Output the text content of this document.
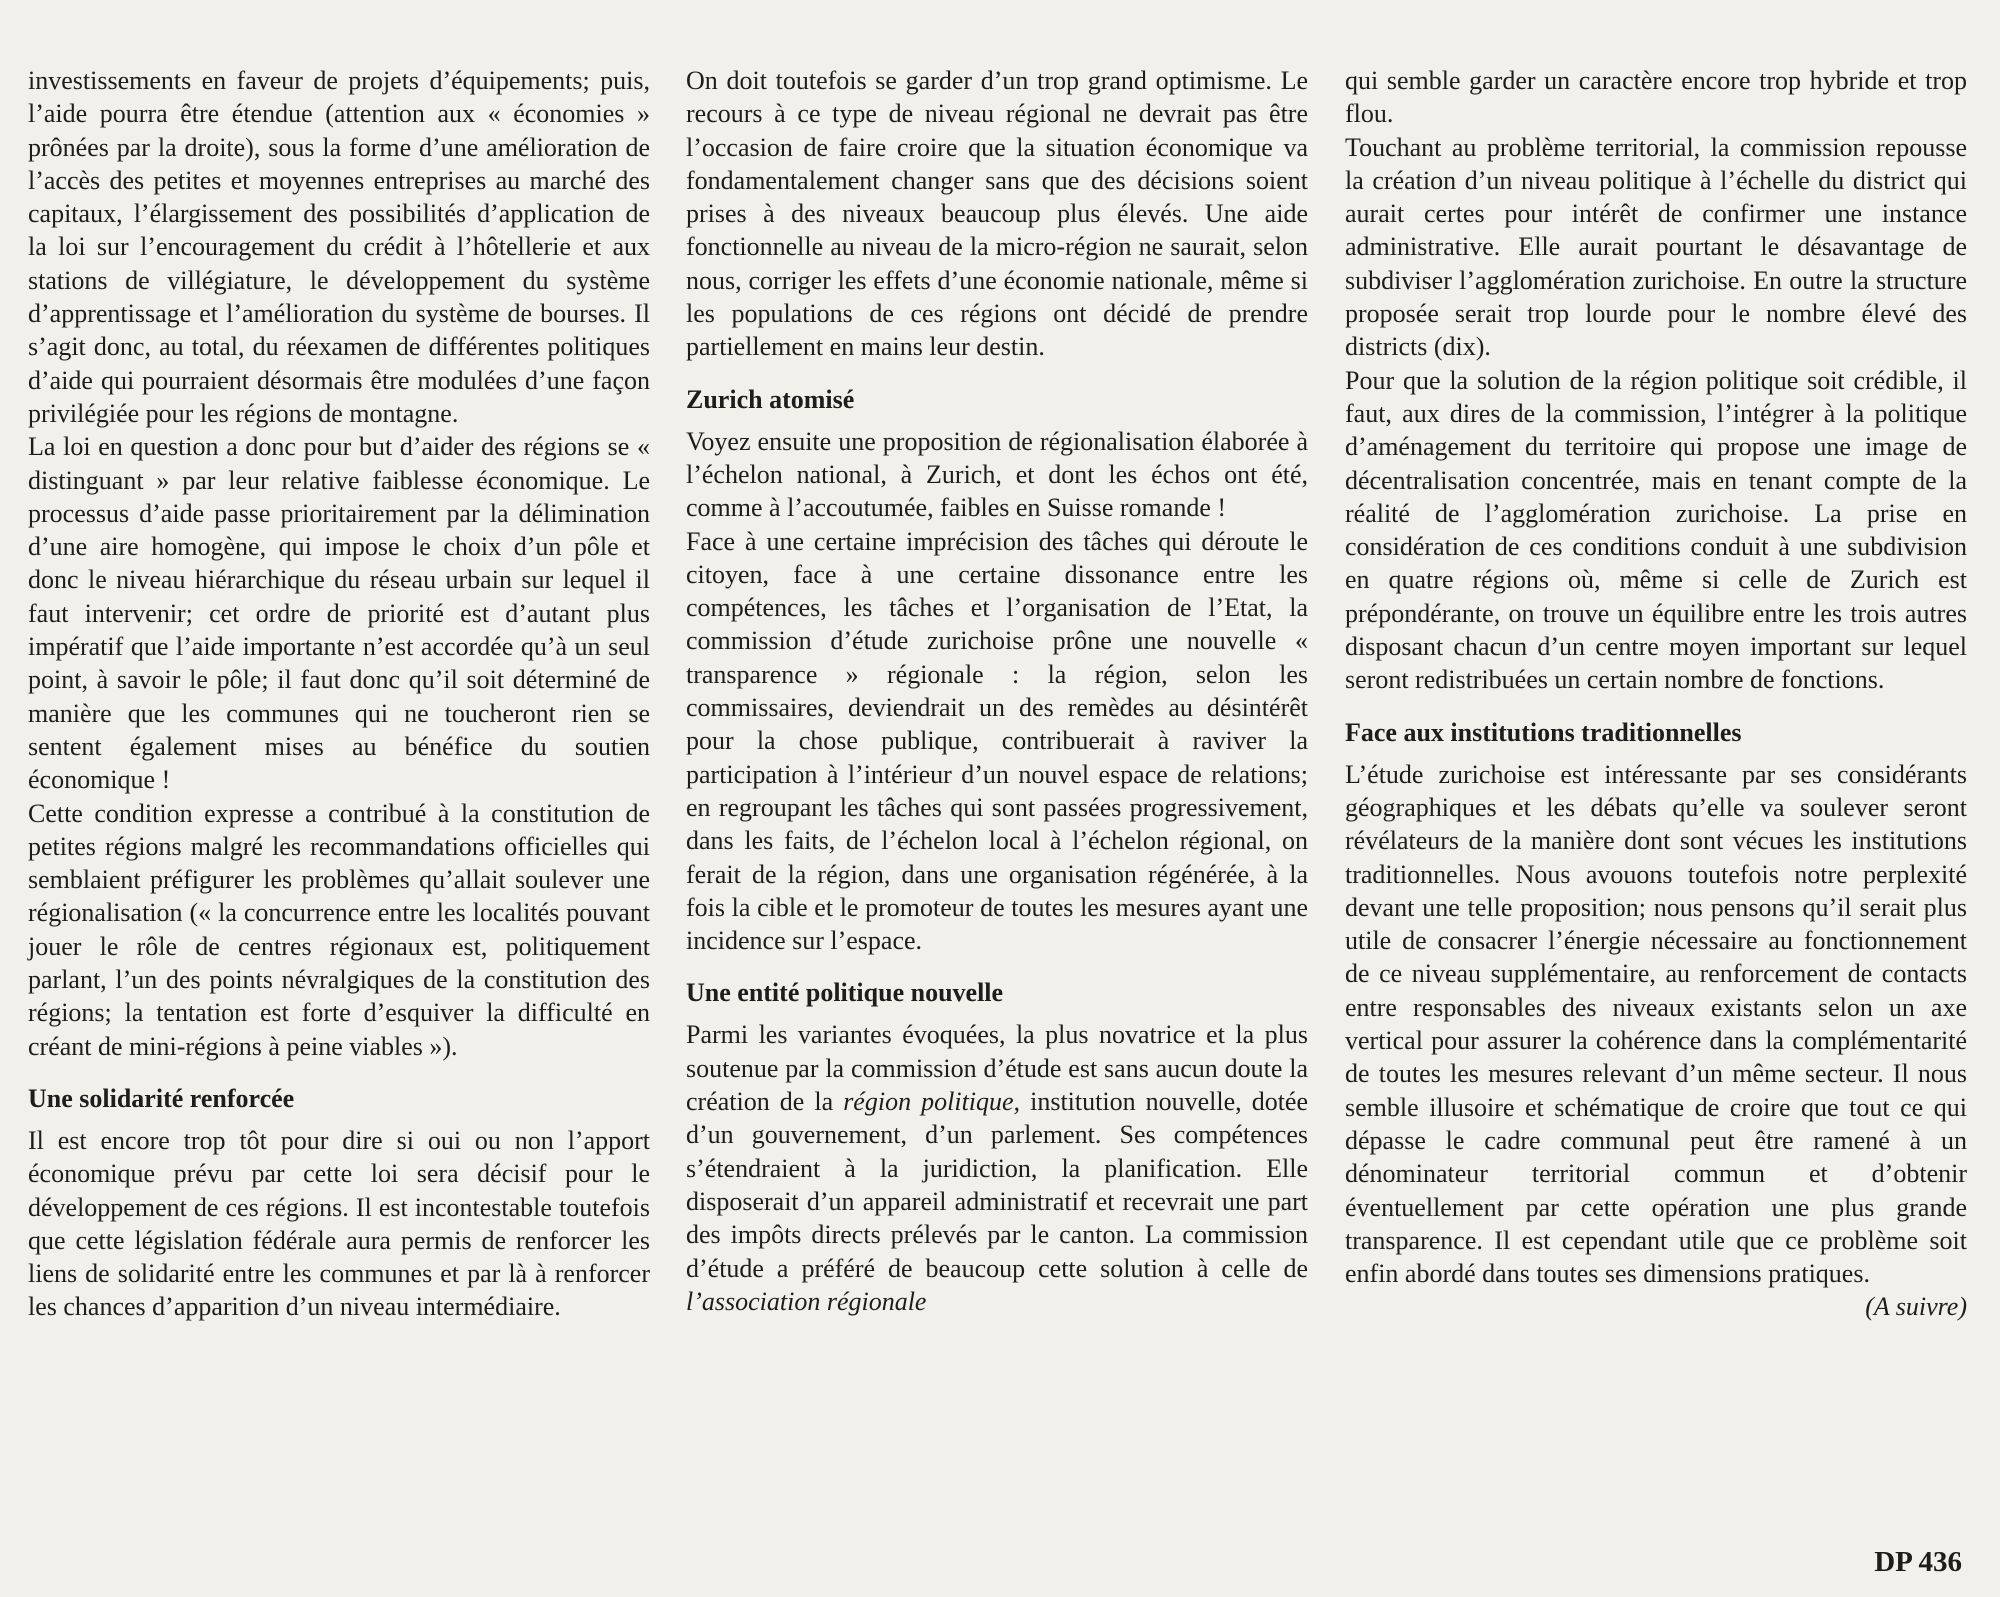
investissements en faveur de projets d’équipements; puis, l’aide pourra être étendue (attention aux « économies » prônées par la droite), sous la forme d’une amélioration de l’accès des petites et moyennes entreprises au marché des capitaux, l’élargissement des possibilités d’application de la loi sur l’encouragement du crédit à l’hôtellerie et aux stations de villégiature, le développement du système d’apprentissage et l’amélioration du système de bourses. Il s’agit donc, au total, du réexamen de différentes politiques d’aide qui pourraient désormais être modulées d’une façon privilégiée pour les régions de montagne.

La loi en question a donc pour but d’aider des régions se « distinguant » par leur relative faiblesse économique. Le processus d’aide passe prioritairement par la délimination d’une aire homogène, qui impose le choix d’un pôle et donc le niveau hiérarchique du réseau urbain sur lequel il faut intervenir; cet ordre de priorité est d’autant plus impératif que l’aide importante n’est accordée qu’à un seul point, à savoir le pôle; il faut donc qu’il soit déterminé de manière que les communes qui ne toucheront rien se sentent également mises au bénéfice du soutien économique !

Cette condition expresse a contribué à la constitution de petites régions malgré les recommandations officielles qui semblaient préfigurer les problèmes qu’allait soulever une régionalisation (« la concurrence entre les localités pouvant jouer le rôle de centres régionaux est, politiquement parlant, l’un des points névralgiques de la constitution des régions; la tentation est forte d’esquiver la difficulté en créant de mini-régions à peine viables »).

Une solidarité renforcée

Il est encore trop tôt pour dire si oui ou non l’apport économique prévu par cette loi sera décisif pour le développement de ces régions. Il est incontestable toutefois que cette législation fédérale aura permis de renforcer les liens de solidarité entre les communes et par là à renforcer les chances d’apparition d’un niveau intermédiaire.

On doit toutefois se garder d’un trop grand optimisme. Le recours à ce type de niveau régional ne devrait pas être l’occasion de faire croire que la situation économique va fondamentalement changer sans que des décisions soient prises à des niveaux beaucoup plus élevés. Une aide fonctionnelle au niveau de la micro-région ne saurait, selon nous, corriger les effets d’une économie nationale, même si les populations de ces régions ont décidé de prendre partiellement en mains leur destin.

Zurich atomisé

Voyez ensuite une proposition de régionalisation élaborée à l’échelon national, à Zurich, et dont les échos ont été, comme à l’accoutumée, faibles en Suisse romande !

Face à une certaine imprécision des tâches qui déroute le citoyen, face à une certaine dissonance entre les compétences, les tâches et l’organisation de l’Etat, la commission d’étude zurichoise prône une nouvelle « transparence » régionale : la région, selon les commissaires, deviendrait un des remèdes au désintérêt pour la chose publique, contribuerait à raviver la participation à l’intérieur d’un nouvel espace de relations; en regroupant les tâches qui sont passées progressivement, dans les faits, de l’échelon local à l’échelon régional, on ferait de la région, dans une organisation régénérée, à la fois la cible et le promoteur de toutes les mesures ayant une incidence sur l’espace.

Une entité politique nouvelle

Parmi les variantes évoquées, la plus novatrice et la plus soutenue par la commission d’étude est sans aucun doute la création de la région politique, institution nouvelle, dotée d’un gouvernement, d’un parlement. Ses compétences s’étendraient à la juridiction, la planification. Elle disposerait d’un appareil administratif et recevrait une part des impôts directs prélevés par le canton. La commission d’étude a préféré de beaucoup cette solution à celle de l’association régionale

qui semble garder un caractère encore trop hybride et trop flou.

Touchant au problème territorial, la commission repousse la création d’un niveau politique à l’échelle du district qui aurait certes pour intérêt de confirmer une instance administrative. Elle aurait pourtant le désavantage de subdiviser l’agglomération zurichoise. En outre la structure proposée serait trop lourde pour le nombre élevé des districts (dix).

Pour que la solution de la région politique soit crédible, il faut, aux dires de la commission, l’intégrer à la politique d’aménagement du territoire qui propose une image de décentralisation concentrée, mais en tenant compte de la réalité de l’agglomération zurichoise. La prise en considération de ces conditions conduit à une subdivision en quatre régions où, même si celle de Zurich est prépondérante, on trouve un équilibre entre les trois autres disposant chacun d’un centre moyen important sur lequel seront redistribuées un certain nombre de fonctions.

Face aux institutions traditionnelles

L’étude zurichoise est intéressante par ses considérants géographiques et les débats qu’elle va soulever seront révélateurs de la manière dont sont vécues les institutions traditionnelles. Nous avouons toutefois notre perplexité devant une telle proposition; nous pensons qu’il serait plus utile de consacrer l’énergie nécessaire au fonctionnement de ce niveau supplémentaire, au renforcement de contacts entre responsables des niveaux existants selon un axe vertical pour assurer la cohérence dans la complémentarité de toutes les mesures relevant d’un même secteur. Il nous semble illusoire et schématique de croire que tout ce qui dépasse le cadre communal peut être ramené à un dénominateur territorial commun et d’obtenir éventuellement par cette opération une plus grande transparence. Il est cependant utile que ce problème soit enfin abordé dans toutes ses dimensions pratiques.
(A suivre)

DP 436
